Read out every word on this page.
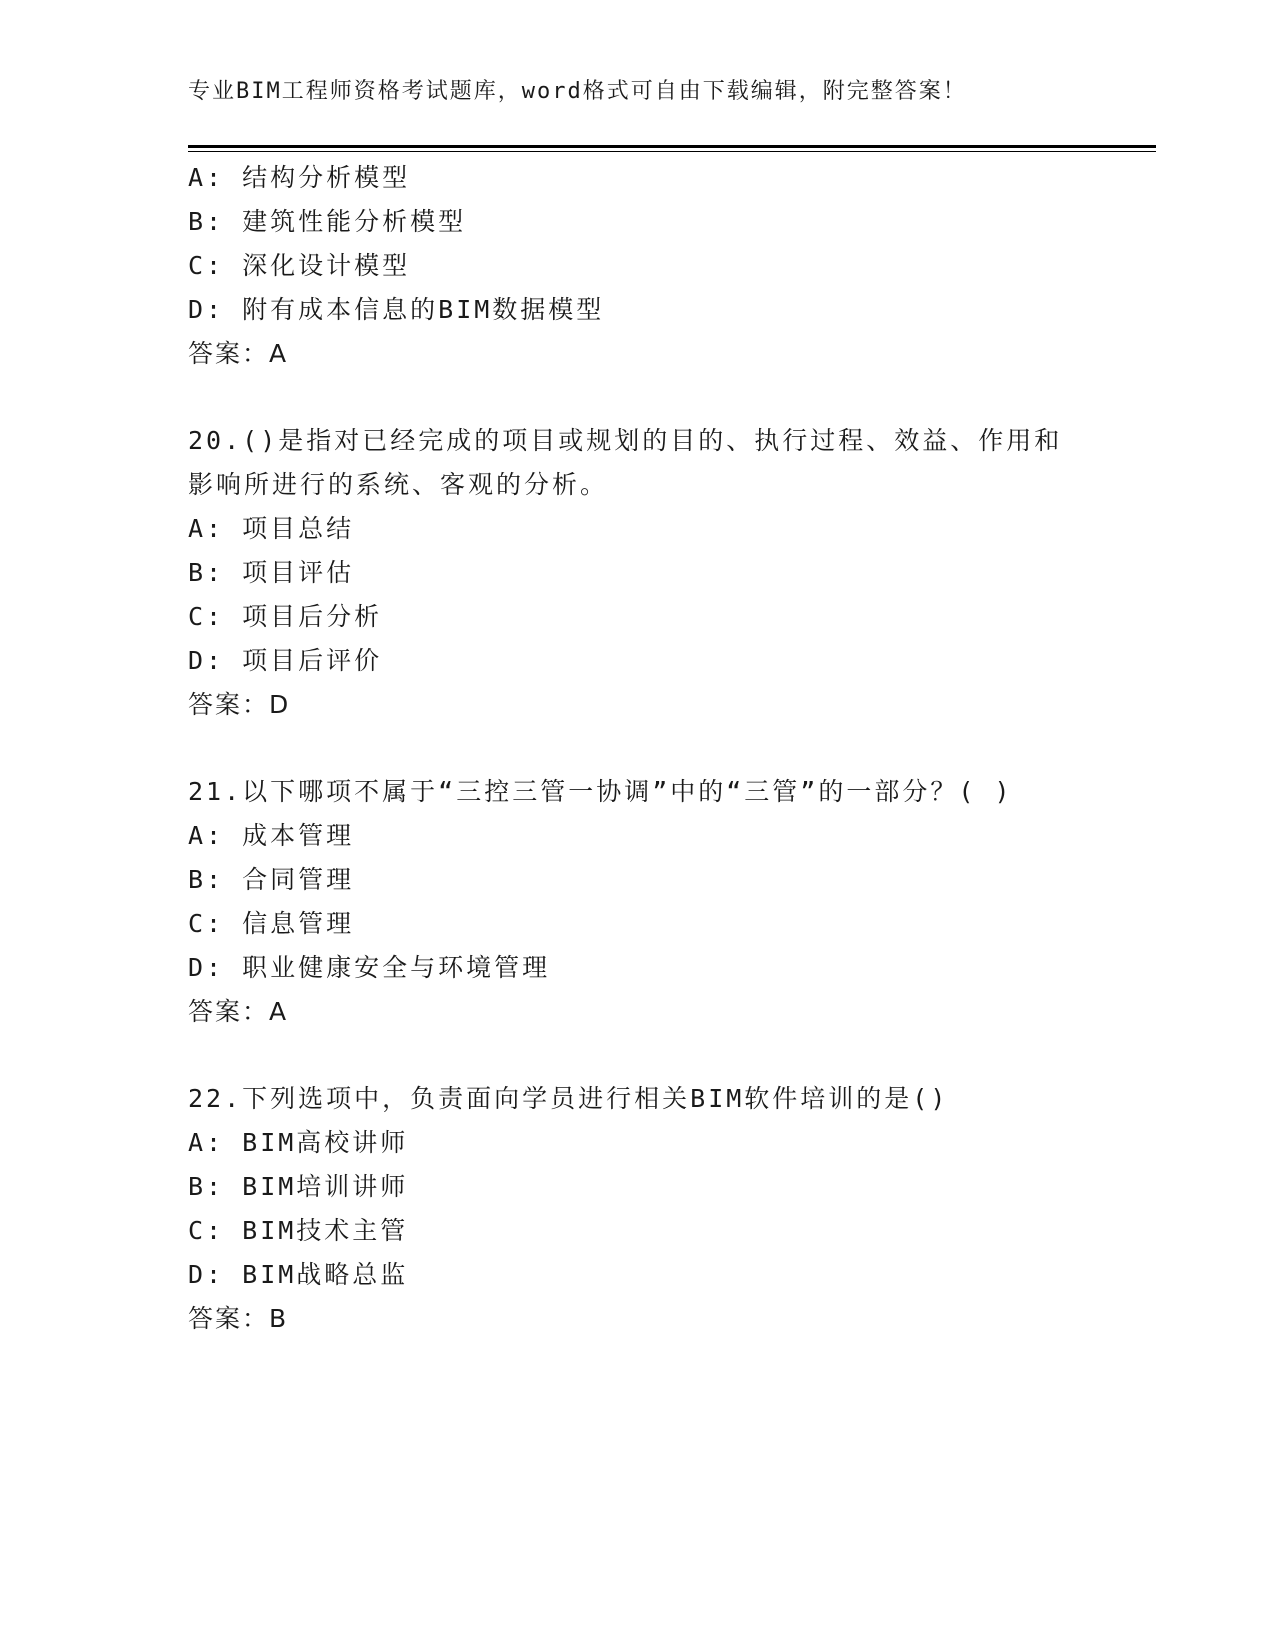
专业BIM工程师资格考试题库，word格式可自由下载编辑，附完整答案！
A: 结构分析模型
B: 建筑性能分析模型
C: 深化设计模型
D: 附有成本信息的BIM数据模型
答案：A
20.()是指对已经完成的项目或规划的目的、执行过程、效益、作用和
影响所进行的系统、客观的分析。
A: 项目总结
B: 项目评估
C: 项目后分析
D: 项目后评价
答案：D
21.以下哪项不属于“三控三管一协调”中的“三管”的一部分？( )
A: 成本管理
B: 合同管理
C: 信息管理
D: 职业健康安全与环境管理
答案：A
22.下列选项中，负责面向学员进行相关BIM软件培训的是()
A: BIM高校讲师
B: BIM培训讲师
C: BIM技术主管
D: BIM战略总监
答案：B
